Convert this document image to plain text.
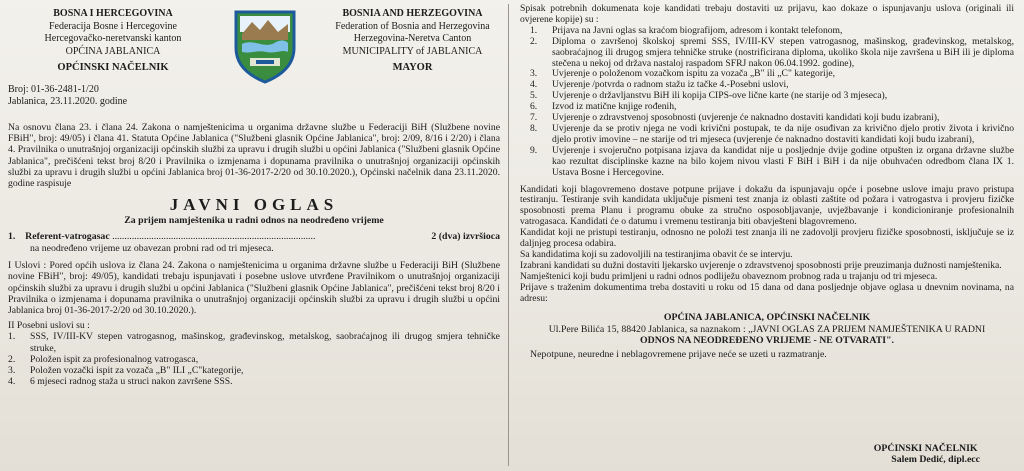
BOSNA I HERCEGOVINA
Federacija Bosne i Hercegovine
Hercegovačko-neretvanski kanton
OPĆINA JABLANICA
OPĆINSKI NAČELNIK
BOSNIA AND HERZEGOVINA
Federation of Bosnia and Herzegovina
Herzegovina-Neretva Canton
MUNICIPALITY of JABLANICA
MAYOR
Broj: 01-36-2481-1/20
Jablanica, 23.11.2020. godine

Na osnovu člana 23. i člana 24. Zakona o namještenicima u organima državne službe u Federaciji BiH (Službene novine FBiH", broj: 49/05) i člana 41. Statuta Općine Jablanica ("Službeni glasnik Općine Jablanica", broj: 2/09, 8/16 i 2/20) i člana 4. Pravilnika o unutrašnjoj organizaciji općinskih službi za upravu i drugih službi u općini Jablanica ("Službeni glasnik Općine Jablanica", prečišćeni tekst broj 8/20 i Pravilnika o izmjenama i dopunama pravilnika o unutrašnjoj organizaciji općinskih službi za upravu i drugih službi u općini Jablanica broj 01-36-2017-2/20 od 30.10.2020.), Općinski načelnik dana 23.11.2020. godine raspisuje

JAVNI OGLAS
Za prijem namještenika u radni odnos na neodređeno vrijeme
1. Referent-vatrogasac ...................................................................................	2 (dva) izvršioca
na neodređeno vrijeme uz obavezan probni rad od tri mjeseca.

I Uslovi : Pored općih uslova iz člana 24. Zakona o namještenicima u organima državne službe u Federaciji BiH (Službene novine FBiH", broj: 49/05), kandidati trebaju ispunjavati i posebne uslove utvrđene Pravilnikom o unutrašnjoj organizaciji općinskih službi za upravu i drugih službi u općini Jablanica ("Službeni glasnik Općine Jablanica", prečišćeni tekst broj 8/20 i Pravilnika o izmjenama i dopunama pravilnika o unutrašnjoj organizaciji općinskih službi za upravu i drugih službi u općini Jablanica broj 01-36-2017-2/20 od 30.10.2020.).

II Posebni uslovi su :
1.	SSS, IV/III-KV stepen vatrogasnog, mašinskog, građevinskog, metalskog, saobraćajnog ili drugog smjera tehničke struke,
2.	Položen ispit za profesionalnog vatrogasca,
3.	Položen vozački ispit za vozača „B" ILI „C"kategorije,
4.	6 mjeseci radnog staža u struci nakon završene SSS.

Spisak potrebnih dokumenata koje kandidati trebaju dostaviti uz prijavu, kao dokaze o ispunjavanju uslova (originali ili ovjerene kopije) su :

1.	Prijava na Javni oglas sa kraćom biografijom, adresom i kontakt telefonom,
2.	Diploma o završenoj školskoj spremi SSS, IV/III-KV stepen vatrogasnog, mašinskog, građevinskog, metalskog, saobraćajnog ili drugog smjera tehničke struke (nostrificirana diploma, ukoliko škola nije završena u BiH ili je diploma stečena u nekoj od država nastaloj raspadom SFRJ nakon 06.04.1992. godine),
3.	Uvjerenje o položenom vozačkom ispitu za vozača „B" ili „C" kategorije,
4.	Uvjerenje /potvrda o radnom stažu iz tačke 4.-Posebni uslovi,
5.	Uvjerenje o državljanstvu BiH ili kopija CIPS-ove lične karte (ne starije od 3 mjeseca),
6.	Izvod iz matične knjige rođenih,
7.	Uvjerenje o zdravstvenoj sposobnosti (uvjerenje će naknadno dostaviti kandidati koji budu izabrani),
8.	Uvjerenje da se protiv njega ne vodi krivični postupak, te da nije osuđivan za krivično djelo protiv života i krivično djelo protiv imovine – ne starije od tri mjeseca (uvjerenje će naknadno dostaviti kandidati koji budu izabrani),
9.	Uvjerenje i svojeručno potpisana izjava da kandidat nije u posljednje dvije godine otpušten iz organa državne službe kao rezultat disciplinske kazne na bilo kojem nivou vlasti F BiH i BiH i da nije obuhvaćen odredbom člana IX 1. Ustava Bosne i Hercegovine.

Kandidati koji blagovremeno dostave potpune prijave i dokažu da ispunjavaju opće i posebne uslove imaju pravo pristupa testiranju. Testiranje svih kandidata uključuje pismeni test znanja iz oblasti zaštite od požara i vatrogastva i provjeru fizičke sposobnosti prema Planu i programu obuke za stručno osposobljavanje, uvježbavanje i kondicioniranje profesionalnih vatrogasaca. Kandidati će o datumu i vremenu testiranja biti obavješteni blagovremeno.

Kandidat koji ne pristupi testiranju, odnosno ne položi test znanja ili ne zadovolji provjeru fizičke sposobnosti, isključuje se iz daljnjeg procesa odabira.

Sa kandidatima koji su zadovoljili na testiranjima obavit će se intervju.

Izabrani kandidati su dužni dostaviti ljekarsko uvjerenje o zdravstvenoj sposobnosti prije preuzimanja dužnosti namještenika.

Namještenici koji budu primljeni u radni odnos podliježu obaveznom probnog rada u trajanju od tri mjeseca.

Prijave s traženim dokumentima treba dostaviti u roku od 15 dana od dana posljednje objave oglasa u dnevnim novinama, na adresu:

OPĆINA JABLANICA, OPĆINSKI NAČELNIK
Ul.Pere Bilića 15, 88420 Jablanica, sa naznakom : „JAVNI OGLAS ZA PRIJEM NAMJEŠTENIKA U RADNI
ODNOS NA NEODREĐENO VRIJEME - NE OTVARATI".
Nepotpune, neuredne i neblagovremene prijave neće se uzeti u razmatranje.
OPĆINSKI NAČELNIK
Salem Dedić, dipl.ecc
